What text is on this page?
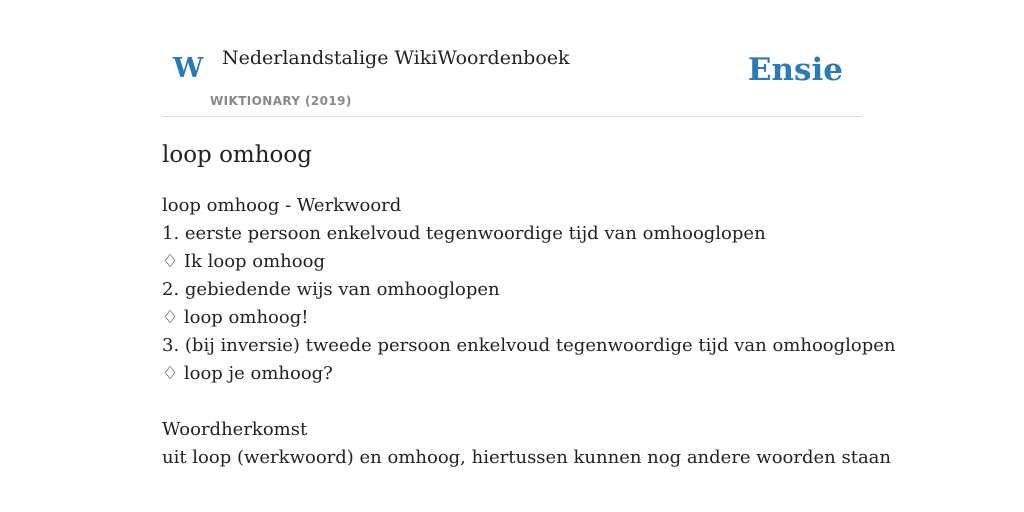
W Nederlandstalige WikiWoordenboek
WIKTIONARY (2019)
Ensie
loop omhoog
loop omhoog - Werkwoord
1. eerste persoon enkelvoud tegenwoordige tijd van omhooglopen
♢ Ik loop omhoog
2. gebiedende wijs van omhooglopen
♢ loop omhoog!
3. (bij inversie) tweede persoon enkelvoud tegenwoordige tijd van omhooglopen
♢ loop je omhoog?
Woordherkomst
uit loop (werkwoord) en omhoog, hiertussen kunnen nog andere woorden staan
